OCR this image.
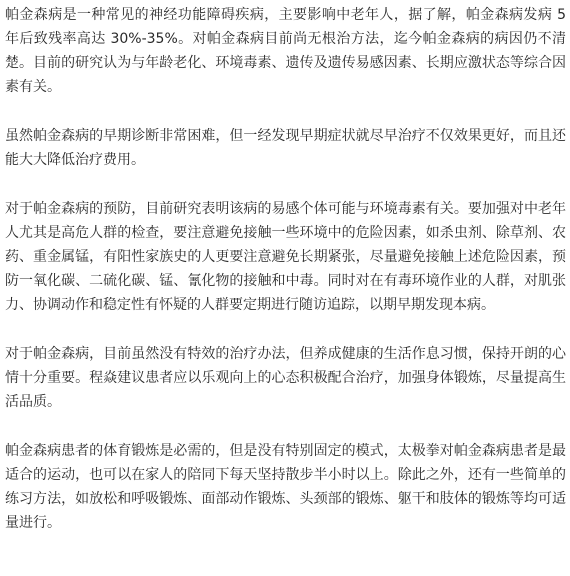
帕金森病是一种常见的神经功能障碍疾病，主要影响中老年人，据了解，帕金森病发病 5 年后致残率高达 30%-35%。对帕金森病目前尚无根治方法，迄今帕金森病的病因仍不清楚。目前的研究认为与年龄老化、环境毒素、遗传及遗传易感因素、长期应激状态等综合因素有关。

虽然帕金森病的早期诊断非常困难，但一经发现早期症状就尽早治疗不仅效果更好，而且还能大大降低治疗费用。

对于帕金森病的预防，目前研究表明该病的易感个体可能与环境毒素有关。要加强对中老年人尤其是高危人群的检查，要注意避免接触一些环境中的危险因素，如杀虫剂、除草剂、农药、重金属锰，有阳性家族史的人更要注意避免长期紧张，尽量避免接触上述危险因素，预防一氧化碳、二硫化碳、锰、氰化物的接触和中毒。同时对在有毒环境作业的人群，对肌张力、协调动作和稳定性有怀疑的人群要定期进行随访追踪，以期早期发现本病。

对于帕金森病，目前虽然没有特效的治疗办法，但养成健康的生活作息习惯，保持开朗的心情十分重要。程焱建议患者应以乐观向上的心态积极配合治疗，加强身体锻炼，尽量提高生活品质。

帕金森病患者的体育锻炼是必需的，但是没有特别固定的模式，太极拳对帕金森病患者是最适合的运动，也可以在家人的陪同下每天坚持散步半小时以上。除此之外，还有一些简单的练习方法，如放松和呼吸锻炼、面部动作锻炼、头颈部的锻炼、躯干和肢体的锻炼等均可适量进行。
